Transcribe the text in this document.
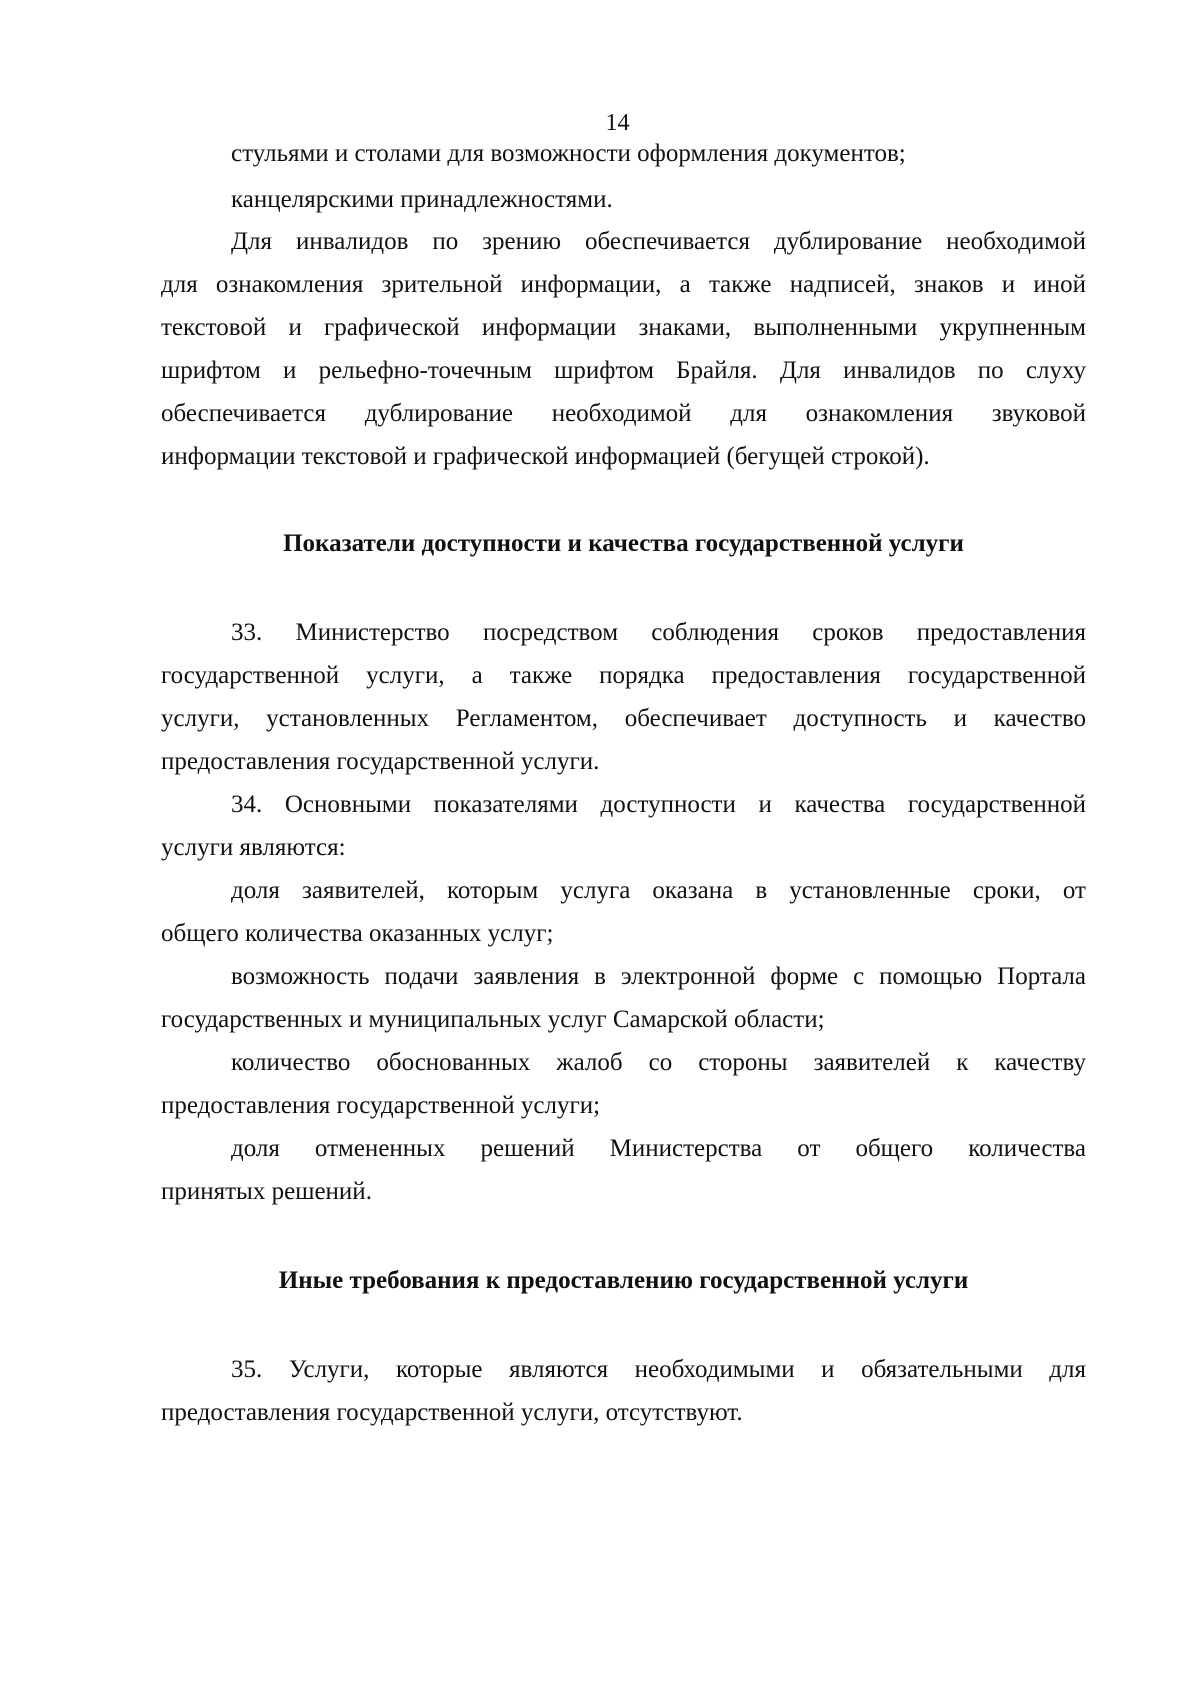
14
стульями и столами для возможности оформления документов;
канцелярскими принадлежностями.
Для инвалидов по зрению обеспечивается дублирование необходимой
для ознакомления зрительной информации, а также надписей, знаков и иной
текстовой и графической информации знаками, выполненными укрупненным
шрифтом и рельефно-точечным шрифтом Брайля. Для инвалидов по слуху
обеспечивается дублирование необходимой для ознакомления звуковой
информации текстовой и графической информацией (бегущей строкой).
Показатели доступности и качества государственной услуги
33. Министерство посредством соблюдения сроков предоставления
государственной услуги, а также порядка предоставления государственной
услуги, установленных Регламентом, обеспечивает доступность и качество
предоставления государственной услуги.
34. Основными показателями доступности и качества государственной
услуги являются:
доля заявителей, которым услуга оказана в установленные сроки, от
общего количества оказанных услуг;
возможность подачи заявления в электронной форме с помощью Портала
государственных и муниципальных услуг Самарской области;
количество обоснованных жалоб со стороны заявителей к качеству
предоставления государственной услуги;
доля отмененных решений Министерства от общего количества
принятых решений.
Иные требования к предоставлению государственной услуги
35. Услуги, которые являются необходимыми и обязательными для
предоставления государственной услуги, отсутствуют.
